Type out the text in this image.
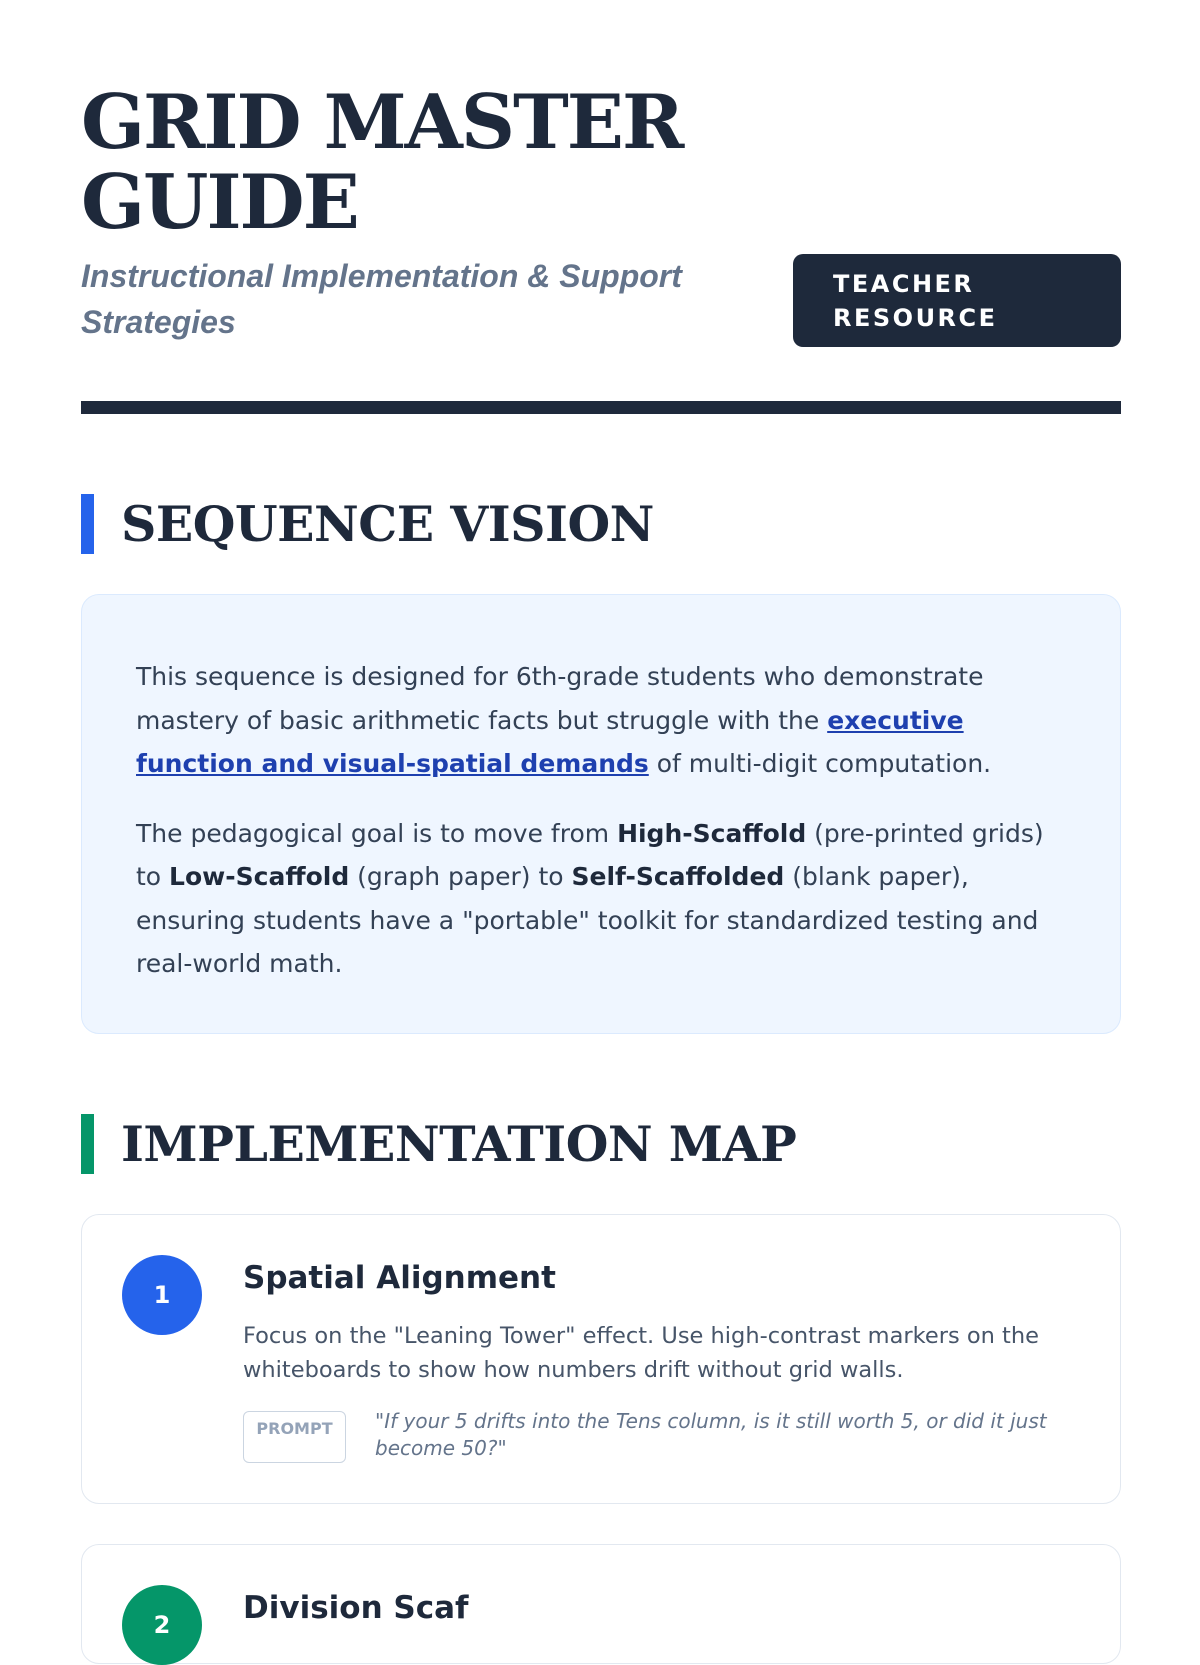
GRID MASTER GUIDE
Instructional Implementation & Support Strategies
TEACHER RESOURCE
SEQUENCE VISION

This sequence is designed for 6th-grade students who demonstrate mastery of basic arithmetic facts but struggle with the executive function and visual-spatial demands of multi-digit computation.

The pedagogical goal is to move from High-Scaffold (pre-printed grids) to Low-Scaffold (graph paper) to Self-Scaffolded (blank paper), ensuring students have a "portable" toolkit for standardized testing and real-world math.

IMPLEMENTATION MAP
1	Spatial Alignment
Focus on the "Leaning Tower" effect. Use high-contrast markers on the whiteboards to show how numbers drift without grid walls.
PROMPT	"If your 5 drifts into the Tens column, is it still worth 5, or did it just become 50?"
2	Division Scaf
